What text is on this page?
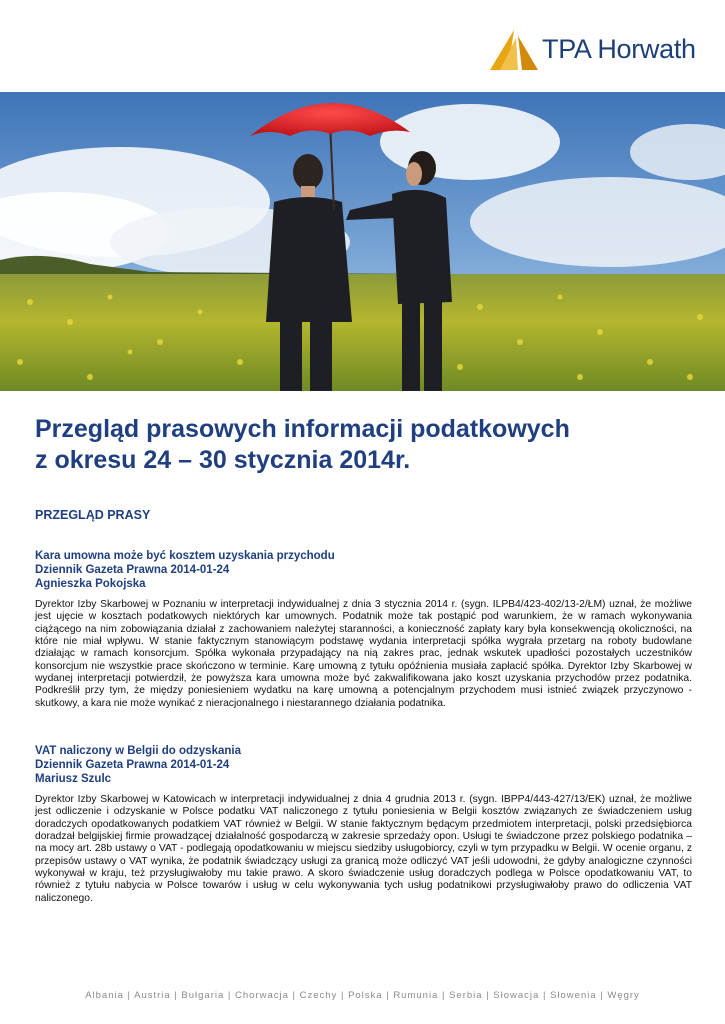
TPA Horwath
Przegląd prasowych informacji podatkowych
z okresu 24 – 30 stycznia 2014r.

PRZEGLĄD PRASY

Kara umowna może być kosztem uzyskania przychodu
Dziennik Gazeta Prawna 2014-01-24
Agnieszka Pokojska
Dyrektor Izby Skarbowej w Poznaniu w interpretacji indywidualnej z dnia 3 stycznia 2014 r. (sygn. ILPB4/423-402/13-2/ŁM) uznał, że możliwe jest ujęcie w kosztach podatkowych niektórych kar umownych. Podatnik może tak postąpić pod warunkiem, że w ramach wykonywania ciążącego na nim zobowiązania działał z zachowaniem należytej staranności, a konieczność zapłaty kary była konsekwencją okoliczności, na które nie miał wpływu. W stanie faktycznym stanowiącym podstawę wydania interpretacji spółka wygrała przetarg na roboty budowlane działając w ramach konsorcjum. Spółka wykonała przypadający na nią zakres prac, jednak wskutek upadłości pozostałych uczestników konsorcjum nie wszystkie prace skończono w terminie. Karę umowną z tytułu opóźnienia musiała zapłacić spółka. Dyrektor Izby Skarbowej w wydanej interpretacji potwierdził, że powyższa kara umowna może być zakwalifikowana jako koszt uzyskania przychodów przez podatnika. Podkreślił przy tym, że między poniesieniem wydatku na karę umowną a potencjalnym przychodem musi istnieć związek przyczynowo - skutkowy, a kara nie może wynikać z nieracjonalnego i niestarannego działania podatnika.
VAT naliczony w Belgii do odzyskania
Dziennik Gazeta Prawna 2014-01-24
Mariusz Szulc
Dyrektor Izby Skarbowej w Katowicach w interpretacji indywidualnej z dnia 4 grudnia 2013 r. (sygn. IBPP4/443-427/13/EK) uznał, że możliwe jest odliczenie i odzyskanie w Polsce podatku VAT naliczonego z tytułu poniesienia w Belgii kosztów związanych ze świadczeniem usług doradczych opodatkowanych podatkiem VAT również w Belgii. W stanie faktycznym będącym przedmiotem interpretacji, polski przedsiębiorca doradzał belgijskiej firmie prowadzącej działalność gospodarczą w zakresie sprzedaży opon. Usługi te świadczone przez polskiego podatnika – na mocy art. 28b ustawy o VAT - podlegają opodatkowaniu w miejscu siedziby usługobiorcy, czyli w tym przypadku w Belgii. W ocenie organu, z przepisów ustawy o VAT wynika, że podatnik świadczący usługi za granicą może odliczyć VAT jeśli udowodni, że gdyby analogiczne czynności wykonywał w kraju, też przysługiwałoby mu takie prawo. A skoro świadczenie usług doradczych podlega w Polsce opodatkowaniu VAT, to również z tytułu nabycia w Polsce towarów i usług w celu wykonywania tych usług podatnikowi przysługiwałoby prawo do odliczenia VAT naliczonego.
Albania | Austria | Bułgaria | Chorwacja | Czechy | Polska | Rumunia | Serbia | Słowacja | Słowenia | Węgry
